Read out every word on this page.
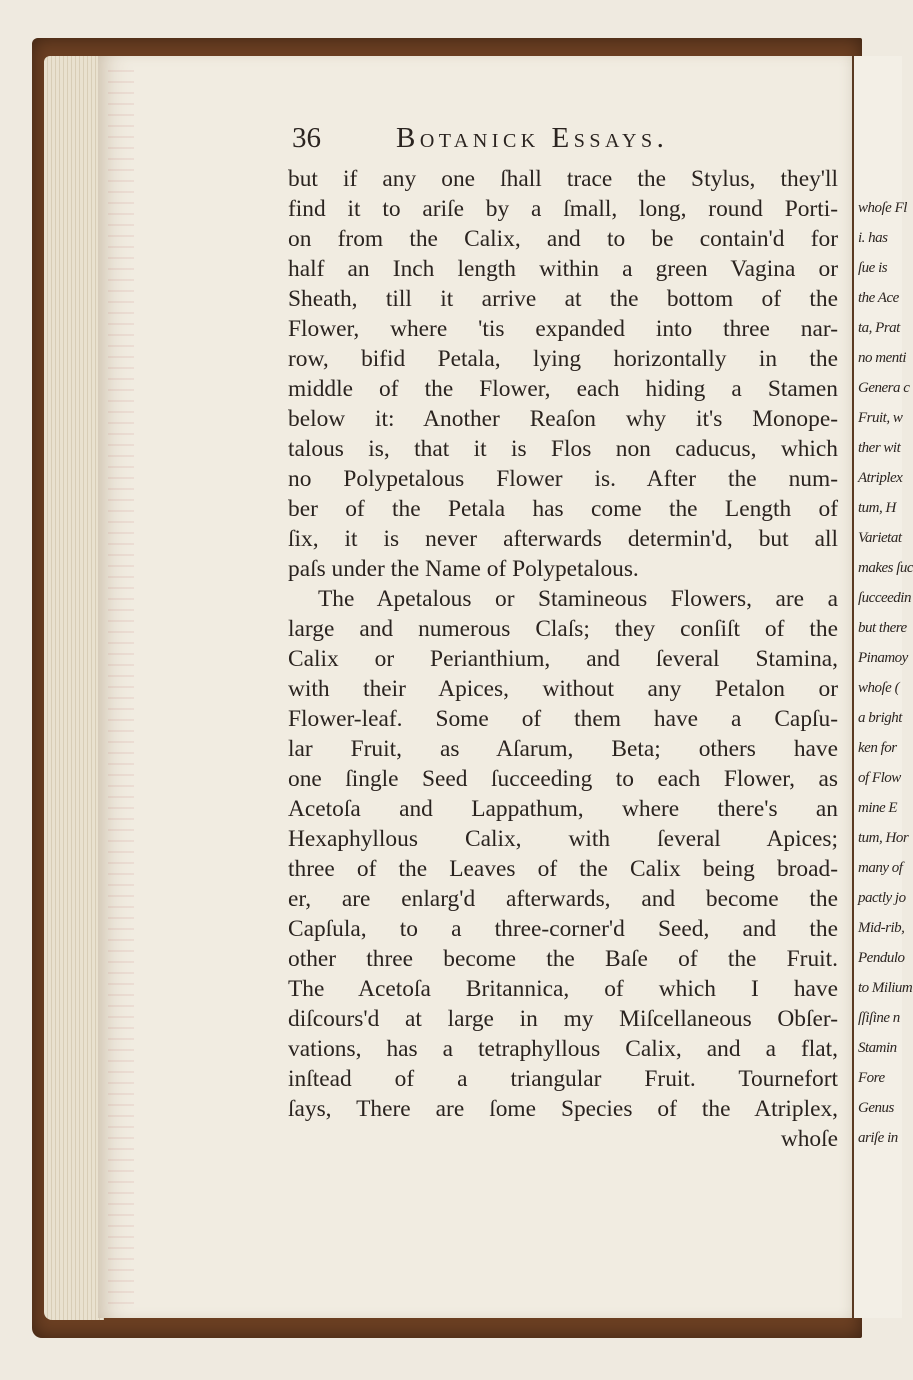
whoſe Fl
i. has
ſue is
the Ace
ta, Prat
no menti
Genera c
Fruit, w
ther wit
Atriplex
tum, H
Varietat
makes ſuc
ſucceedin
but there
Pinamoy
whoſe (
a bright
ken for
of Flow
mine E
tum, Hor
many of
pactly jo
Mid-rib,
Pendulo
to Milium
ſſiſine n
Stamin
Fore
Genus
ariſe in
36	Botanick Essays.
but if any one ſhall trace the Stylus, they'll
find it to ariſe by a ſmall, long, round Porti-
on from the Calix, and to be contain'd for
half an Inch length within a green Vagina or
Sheath, till it arrive at the bottom of the
Flower, where 'tis expanded into three nar-
row, bifid Petala, lying horizontally in the
middle of the Flower, each hiding a Stamen
below it: Another Reaſon why it's Monope-
talous is, that it is Flos non caducus, which
no Polypetalous Flower is. After the num-
ber of the Petala has come the Length of
ſix, it is never afterwards determin'd, but all
paſs under the Name of Polypetalous.
The Apetalous or Stamineous Flowers, are a
large and numerous Claſs; they conſiſt of the
Calix or Perianthium, and ſeveral Stamina,
with their Apices, without any Petalon or
Flower-leaf. Some of them have a Capſu-
lar Fruit, as Aſarum, Beta; others have
one ſingle Seed ſucceeding to each Flower, as
Acetoſa and Lappathum, where there's an
Hexaphyllous Calix, with ſeveral Apices;
three of the Leaves of the Calix being broad-
er, are enlarg'd afterwards, and become the
Capſula, to a three-corner'd Seed, and the
other three become the Baſe of the Fruit.
The Acetoſa Britannica, of which I have
diſcours'd at large in my Miſcellaneous Obſer-
vations, has a tetraphyllous Calix, and a flat,
inſtead of a triangular Fruit. Tournefort
ſays, There are ſome Species of the Atriplex,
whoſe
